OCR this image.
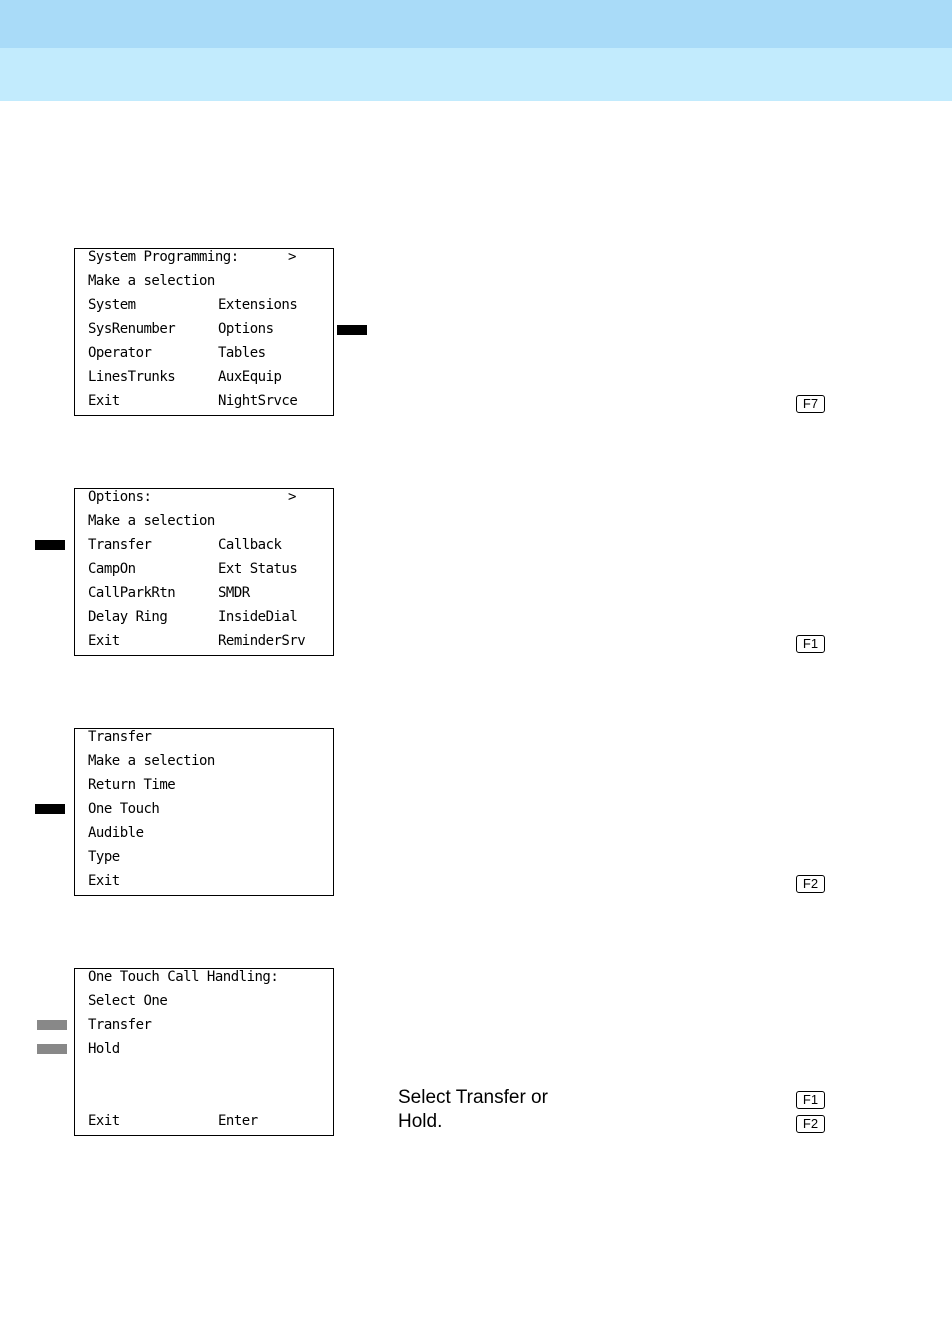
System Programming:	>
Make a selection
System	Extensions
SysRenumber	Options
Operator	Tables
LinesTrunks	AuxEquip
Exit	NightSrvce	F7
Options:	>
Make a selection
Transfer	Callback
CampOn	Ext Status
CallParkRtn	SMDR
Delay Ring	InsideDial
Exit	ReminderSrv	F1
Transfer
Make a selection
Return Time
One Touch
Audible
Type
Exit	F2
One Touch Call Handling:
Select One
Transfer
Hold
Exit	Enter
F1
F2
Select Transfer or
Hold.
